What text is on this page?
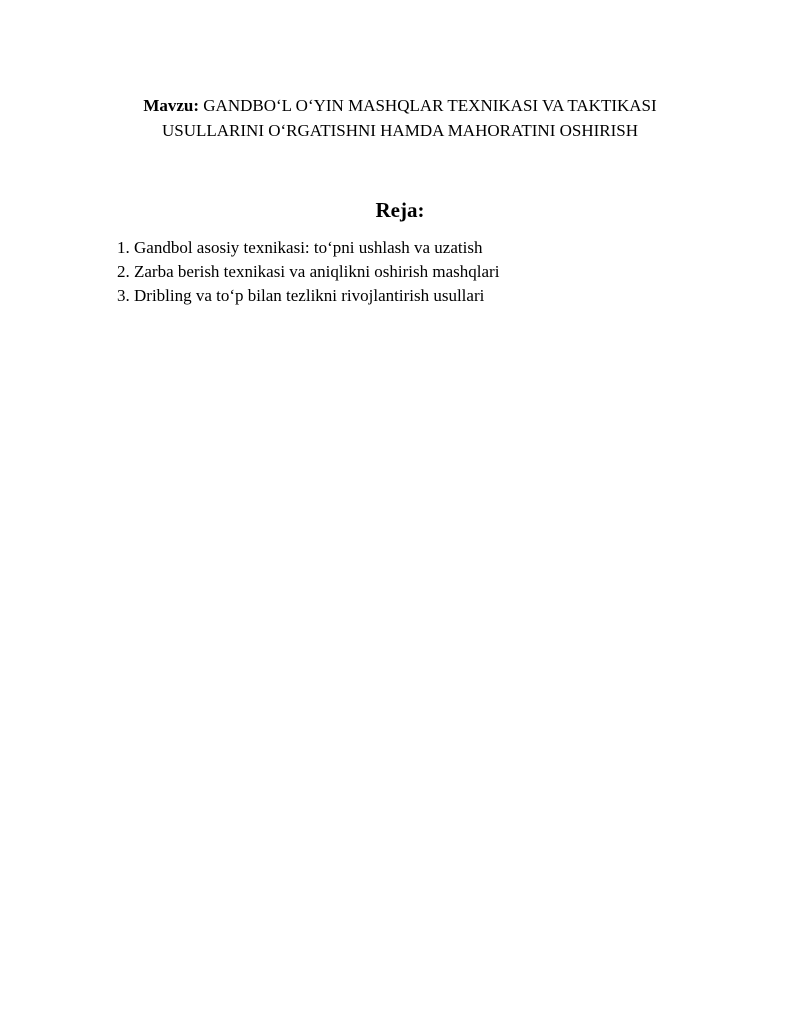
Mavzu: GANDBO‘L O‘YIN MASHQLAR TEXNIKASI VA TAKTIKASI
USULLARINI O‘RGATISHNI HAMDA MAHORATINI OSHIRISH
Reja:
1. Gandbol asosiy texnikasi: to‘pni ushlash va uzatish
2. Zarba berish texnikasi va aniqlikni oshirish mashqlari
3. Dribling va to‘p bilan tezlikni rivojlantirish usullari
